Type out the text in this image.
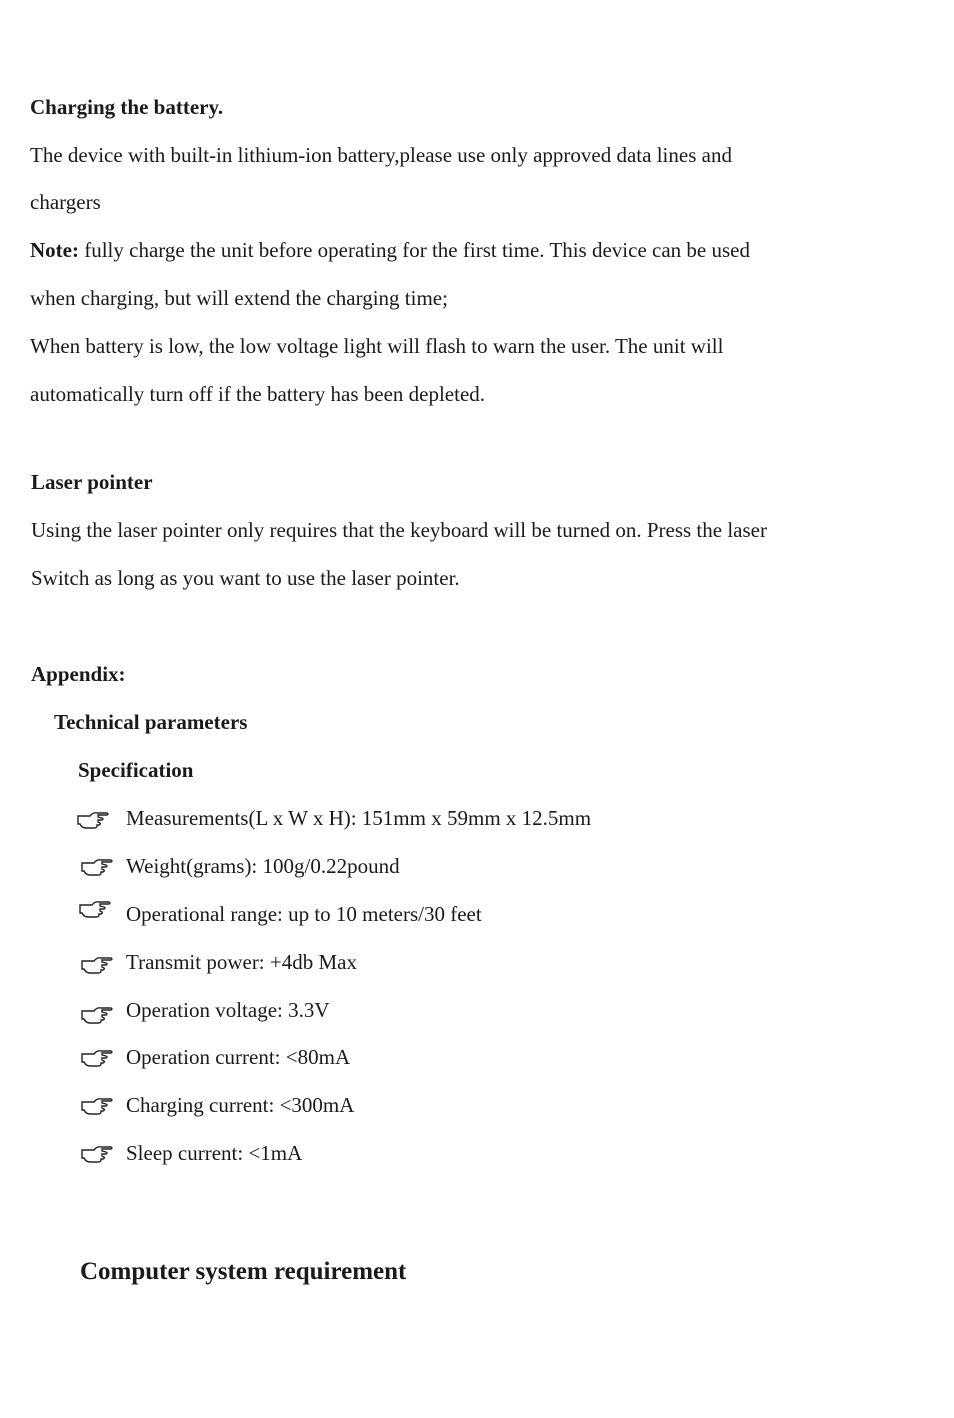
Charging the battery.
The device with built-in lithium-ion battery,please use only approved data lines and
chargers
Note: fully charge the unit before operating for the first time. This device can be used
when charging, but will extend the charging time;
When battery is low, the low voltage light will flash to warn the user. The unit will
automatically turn off if the battery has been depleted.
Laser pointer
Using the laser pointer only requires that the keyboard will be turned on. Press the laser
Switch as long as you want to use the laser pointer.
Appendix:
Technical parameters
Specification
Measurements(L x W x H): 151mm x 59mm x 12.5mm
Weight(grams): 100g/0.22pound
Operational range: up to 10 meters/30 feet
Transmit power: +4db Max
Operation voltage: 3.3V
Operation current: <80mA
Charging current: <300mA
Sleep current: <1mA
Computer system requirement
